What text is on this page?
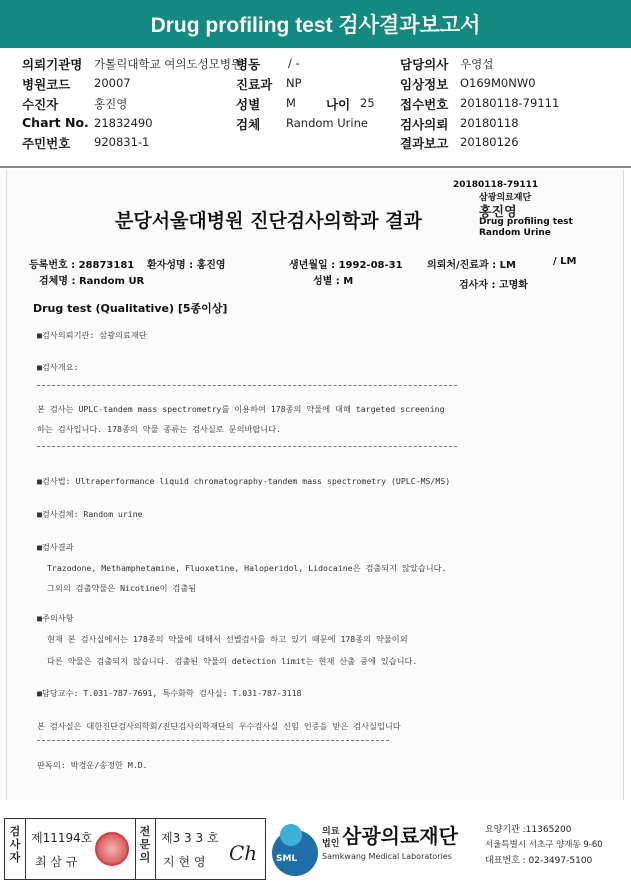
Drug profiling test 검사결과보고서
의뢰기관명 가톨릭대학교 여의도성모병원
병동 / -	담당의사 우영섭
병원코드 20007	진료과 NP	임상정보 O169M0NW0
수진자	홍진영	성별 M 나이 25 접수번호 20180118-79111
Chart No. 21832490	검체 Random Urine	검사의뢰 20180118
주민번호 920831-1	결과보고 20180126
20180118-79111
삼광의료재단
홍진영
Drug profiling test
Random Urine
분당서울대병원 진단검사의학과 결과
등록번호 : 28873181 환자성명 : 홍진영	생년월일 : 1992-08-31 의뢰처/진료과 : LM	/ LM
검체명 : Random UR	성별 : M	검사자 : 고명화
Drug test (Qualitative) [5종이상]
■검사의뢰기관: 삼광의료재단
■검사개요:
본 검사는 UPLC-tandem mass spectrometry를 이용하여 178종의 약물에 대해 targeted screening
하는 검사입니다. 178종의 약물 종류는 검사실로 문의바랍니다.
■검사법: Ultraperformance liquid chromatography-tandem mass spectrometry (UPLC-MS/MS)
■검사검체: Random urine
■검사결과
Trazodone, Methamphetamine, Fluoxetine, Haloperidol, Lidocaine은 검출되지 않았습니다.
그외의 검출약물은 Nicotine이 검출됨
■주의사항
현재 본 검사실에서는 178종의 약물에 대해서 선별검사를 하고 있기 때문에 178종의 약물이외
다른 약물은 검출되지 않습니다. 검출된 약물의 detection limit는 현재 산출 중에 있습니다.
■담당교수: T.031-787-7691, 특수화학 검사실: T.031-787-3118
본 검사실은 대한진단검사의학회/진단검사의학재단의 우수검사실 신임 인증을 받은 검사실입니다
판독의: 박경운/송정한 M.D.
검사자
제11194호
최 삼 규
전문의
제3 3 3 호
지 현 영 Ch SML
의료
법인 삼광의료재단
Samkwang Medical Laboratories
요양기관 :11365200
서울특별시 서초구 양재동 9-60
대표번호 : 02-3497-5100
